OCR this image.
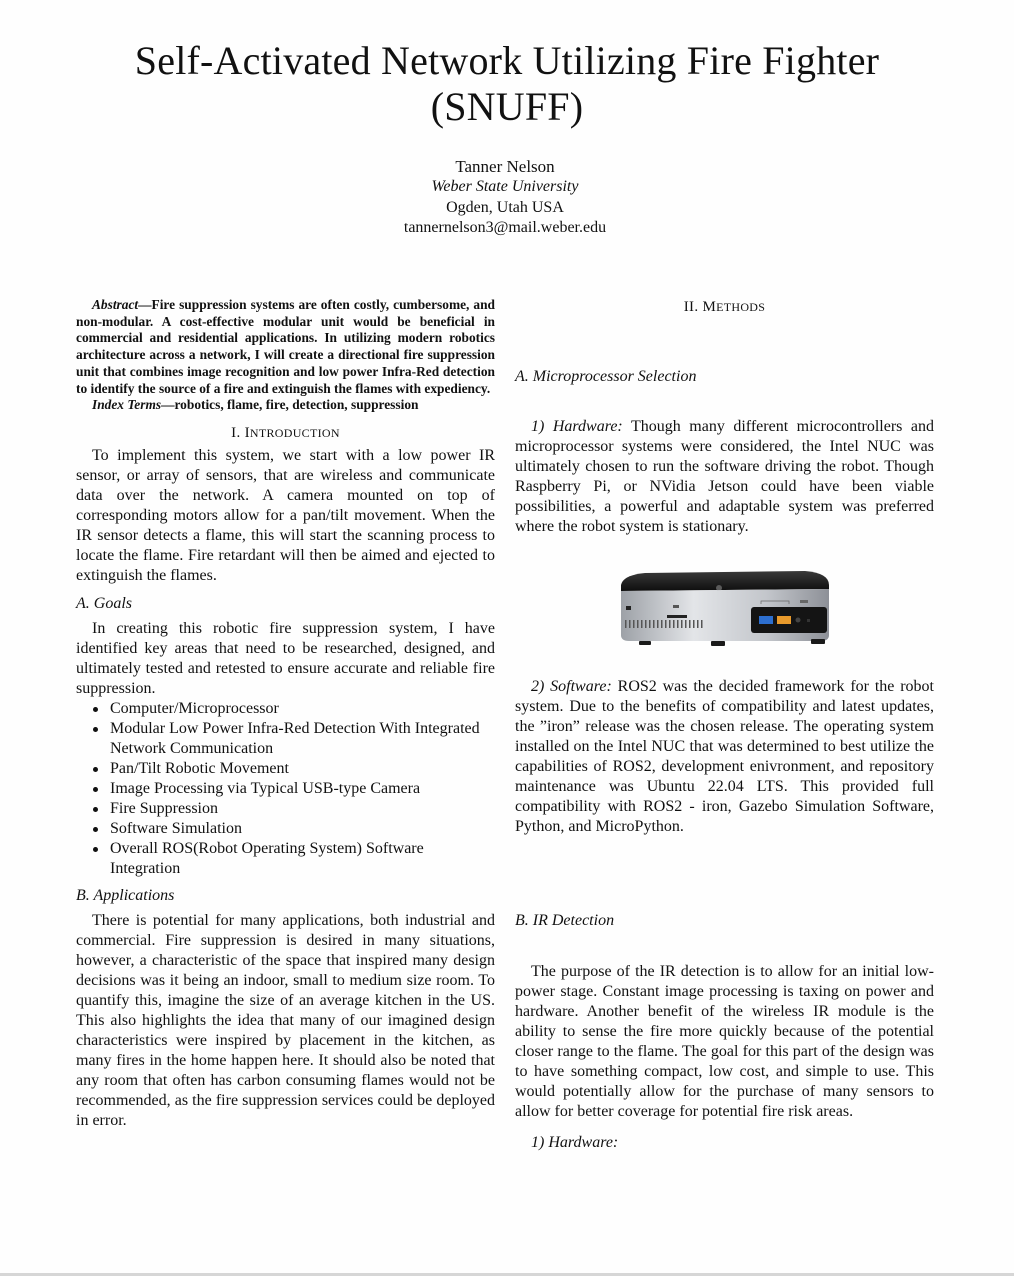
Self-Activated Network Utilizing Fire Fighter
(SNUFF)
Tanner Nelson
Weber State University
Ogden, Utah USA
tannernelson3@mail.weber.edu
Abstract—Fire suppression systems are often costly, cumbersome, and non-modular. A cost-effective modular unit would be beneficial in commercial and residential applications. In utilizing modern robotics architecture across a network, I will create a directional fire suppression unit that combines image recognition and low power Infra-Red detection to identify the source of a fire and extinguish the flames with expediency.
Index Terms—robotics, flame, fire, detection, suppression
I. INTRODUCTION

To implement this system, we start with a low power IR sensor, or array of sensors, that are wireless and communicate data over the network. A camera mounted on top of corresponding motors allow for a pan/tilt movement. When the IR sensor detects a flame, this will start the scanning process to locate the flame. Fire retardant will then be aimed and ejected to extinguish the flames.

A. Goals

In creating this robotic fire suppression system, I have identified key areas that need to be researched, designed, and ultimately tested and retested to ensure accurate and reliable fire suppression.

Computer/Microprocessor
Modular Low Power Infra-Red Detection With Integrated Network Communication
Pan/Tilt Robotic Movement
Image Processing via Typical USB-type Camera
Fire Suppression
Software Simulation
Overall ROS(Robot Operating System) Software Integration
B. Applications

There is potential for many applications, both industrial and commercial. Fire suppression is desired in many situations, however, a characteristic of the space that inspired many design decisions was it being an indoor, small to medium size room. To quantify this, imagine the size of an average kitchen in the US. This also highlights the idea that many of our imagined design characteristics were inspired by placement in the kitchen, as many fires in the home happen here. It should also be noted that any room that often has carbon consuming flames would not be recommended, as the fire suppression services could be deployed in error.

II. METHODS
A. Microprocessor Selection

1) Hardware: Though many different microcontrollers and microprocessor systems were considered, the Intel NUC was ultimately chosen to run the software driving the robot. Though Raspberry Pi, or NVidia Jetson could have been viable possibilities, a powerful and adaptable system was preferred where the robot system is stationary.

2) Software: ROS2 was the decided framework for the robot system. Due to the benefits of compatibility and latest updates, the ”iron” release was the chosen release. The operating system installed on the Intel NUC that was determined to best utilize the capabilities of ROS2, development enivronment, and repository maintenance was Ubuntu 22.04 LTS. This provided full compatibility with ROS2 - iron, Gazebo Simulation Software, Python, and MicroPython.

B. IR Detection

The purpose of the IR detection is to allow for an initial low-power stage. Constant image processing is taxing on power and hardware. Another benefit of the wireless IR module is the ability to sense the fire more quickly because of the potential closer range to the flame. The goal for this part of the design was to have something compact, low cost, and simple to use. This would potentially allow for the purchase of many sensors to allow for better coverage for potential fire risk areas.

1) Hardware:
